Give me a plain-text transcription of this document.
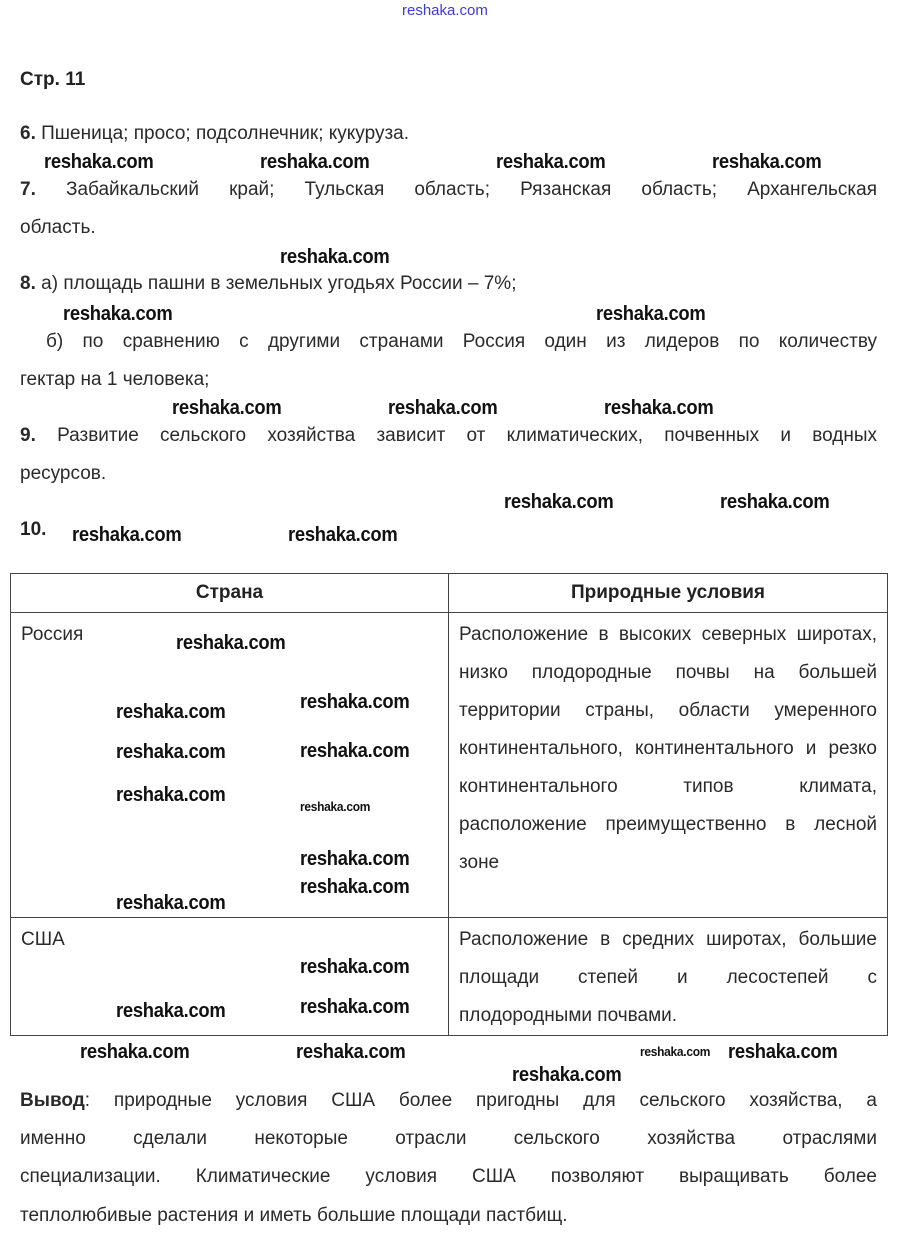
reshaka.com
Стр. 11
6. Пшеница; просо; подсолнечник; кукуруза.
7. Забайкальский край; Тульская область; Рязанская область; Архангельская
область.
8. а) площадь пашни в земельных угодьях России – 7%;
б) по сравнению с другими странами Россия один из лидеров по количеству
гектар на 1 человека;
9. Развитие сельского хозяйства зависит от климатических, почвенных и водных
ресурсов.
10.
Страна	Природные условия
Россия	Расположение в высоких северных широтах, низко плодородные почвы на большей территории страны, области умеренного континентального, континентального и резко континентального типов климата, расположение преимущественно в лесной зоне
США	Расположение в средних широтах, большие площади степей и лесостепей с плодородными почвами.
Вывод: природные условия США более пригодны для сельского хозяйства, а
именно сделали некоторые отрасли сельского хозяйства отраслями
специализации. Климатические условия США позволяют выращивать более
теплолюбивые растения и иметь большие площади пастбищ.
reshaka.com	reshaka.com	reshaka.com	reshaka.com
reshaka.com
reshaka.com	reshaka.com
reshaka.com	reshaka.com	reshaka.com
reshaka.com	reshaka.com
reshaka.com	reshaka.com
reshaka.com
reshaka.com
reshaka.com
reshaka.com
reshaka.com
reshaka.com
reshaka.com
reshaka.com
reshaka.com
reshaka.com
reshaka.com
reshaka.com
reshaka.com
reshaka.com	reshaka.com	reshaka.com
reshaka.com
reshaka.com
